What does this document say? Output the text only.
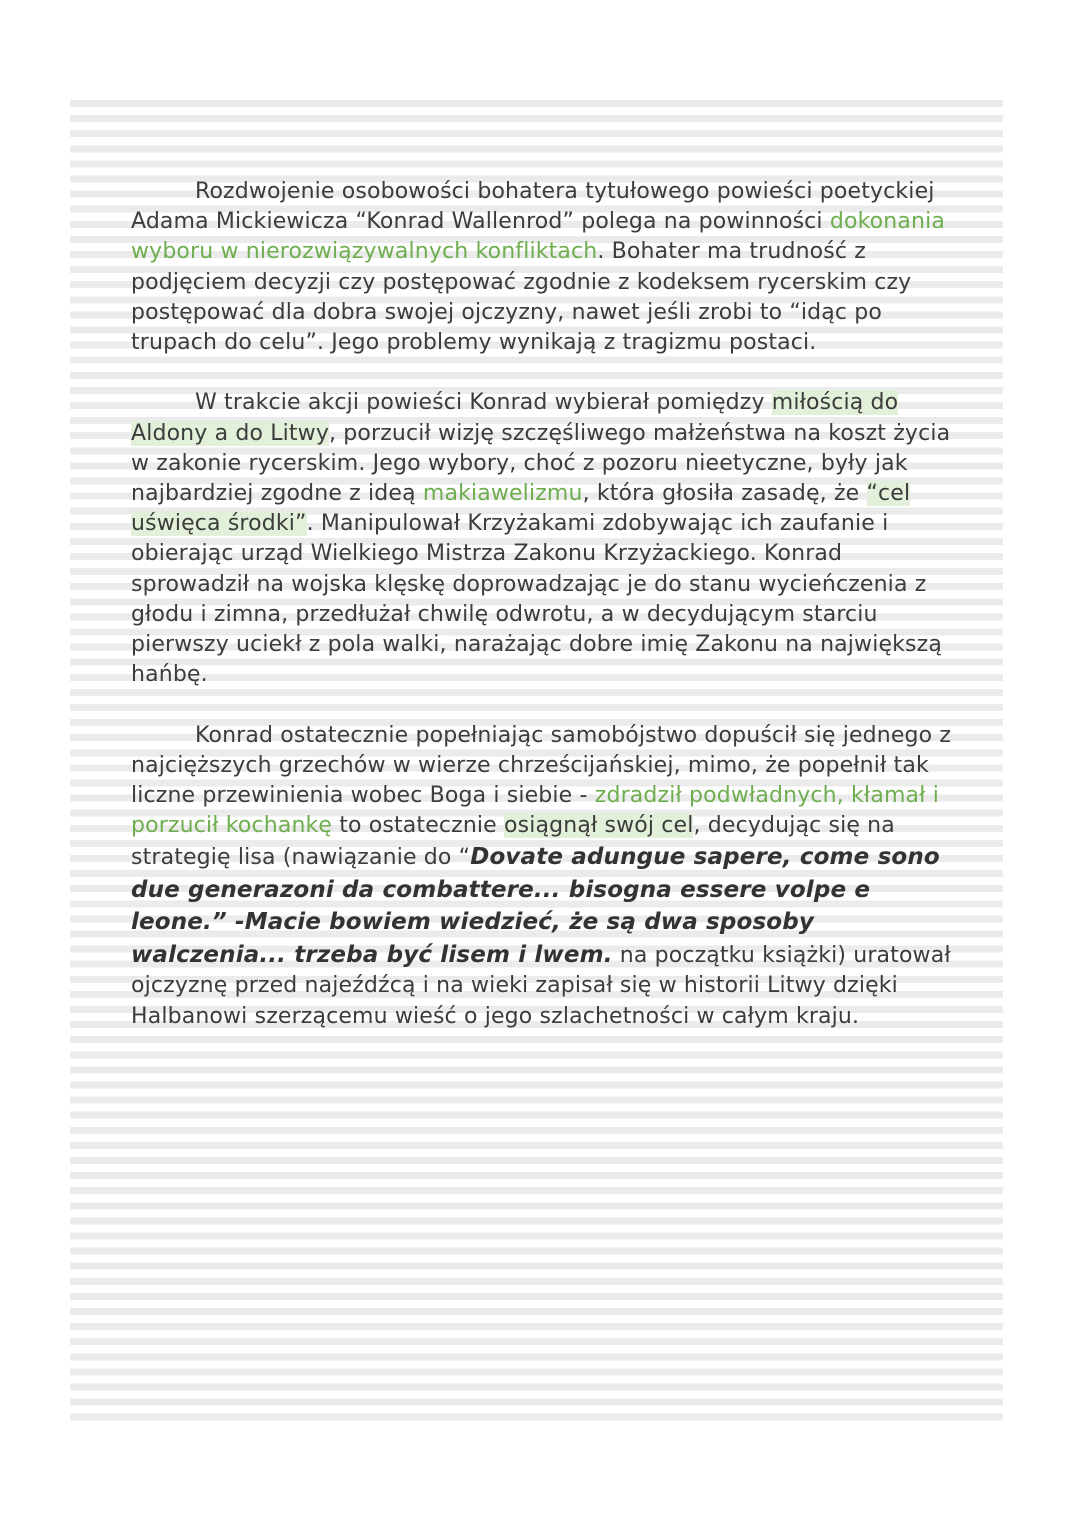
Rozdwojenie osobowości bohatera tytułowego powieści poetyckiej Adama Mickiewicza “Konrad Wallenrod” polega na powinności dokonania wyboru w nierozwiązywalnych konfliktach. Bohater ma trudność z podjęciem decyzji czy postępować zgodnie z kodeksem rycerskim czy postępować dla dobra swojej ojczyzny, nawet jeśli zrobi to “idąc po trupach do celu”. Jego problemy wynikają z tragizmu postaci.

W trakcie akcji powieści Konrad wybierał pomiędzy miłością do Aldony a do Litwy, porzucił wizję szczęśliwego małżeństwa na koszt życia w zakonie rycerskim. Jego wybory, choć z pozoru nieetyczne, były jak najbardziej zgodne z ideą makiawelizmu, która głosiła zasadę, że “cel uświęca środki”. Manipulował Krzyżakami zdobywając ich zaufanie i obierając urząd Wielkiego Mistrza Zakonu Krzyżackiego. Konrad sprowadził na wojska klęskę doprowadzając je do stanu wycieńczenia z głodu i zimna, przedłużał chwilę odwrotu, a w decydującym starciu pierwszy uciekł z pola walki, narażając dobre imię Zakonu na największą hańbę.

Konrad ostatecznie popełniając samobójstwo dopuścił się jednego z najcięższych grzechów w wierze chrześcijańskiej, mimo, że popełnił tak liczne przewinienia wobec Boga i siebie - zdradził podwładnych, kłamał i porzucił kochankę to ostatecznie osiągnął swój cel, decydując się na strategię lisa (nawiązanie do “Dovate adungue sapere, come sono due generazoni da combattere... bisogna essere volpe e leone.” -Macie bowiem wiedzieć, że są dwa sposoby walczenia... trzeba być lisem i lwem. na początku książki) uratował ojczyznę przed najeźdźcą i na wieki zapisał się w historii Litwy dzięki Halbanowi szerzącemu wieść o jego szlachetności w całym kraju.
